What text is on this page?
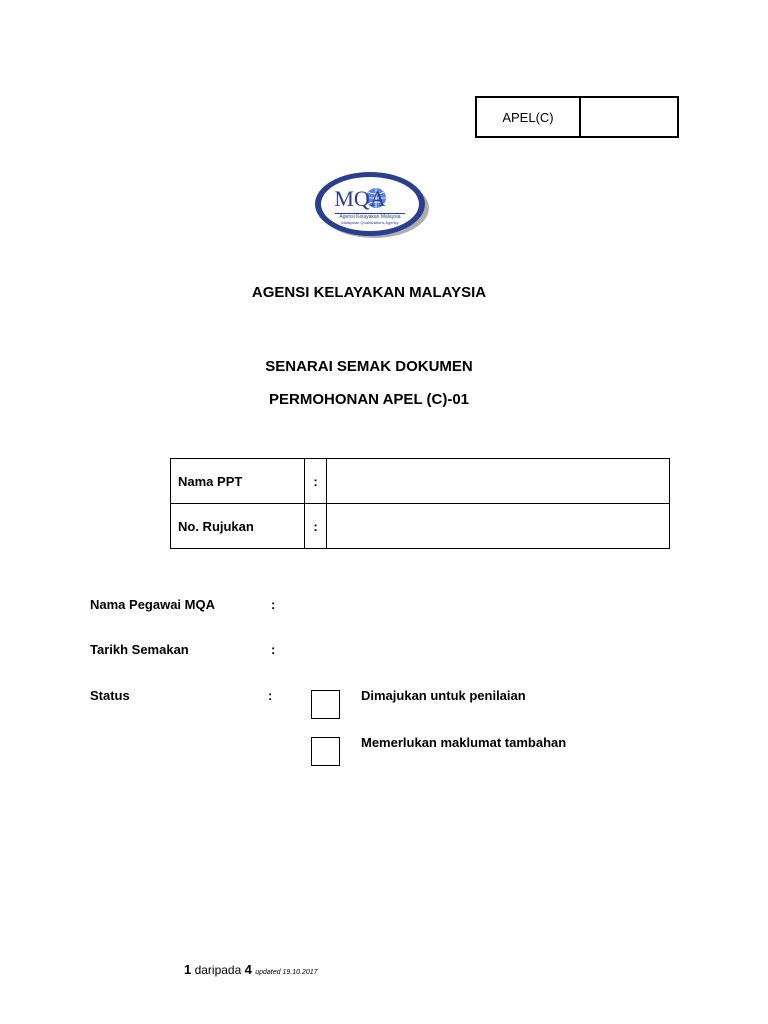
APEL(C)
MQA
Agensi Kelayakan Malaysia
Malaysian Qualifications Agency
AGENSI KELAYAKAN MALAYSIA
SENARAI SEMAK DOKUMEN
PERMOHONAN APEL (C)-01
Nama PPT	:	
No. Rujukan	:	
Nama Pegawai MQA	:
Tarikh Semakan	:
Status	:	Dimajukan untuk penilaian
Memerlukan maklumat tambahan
1 daripada 4 updated 19.10.2017
